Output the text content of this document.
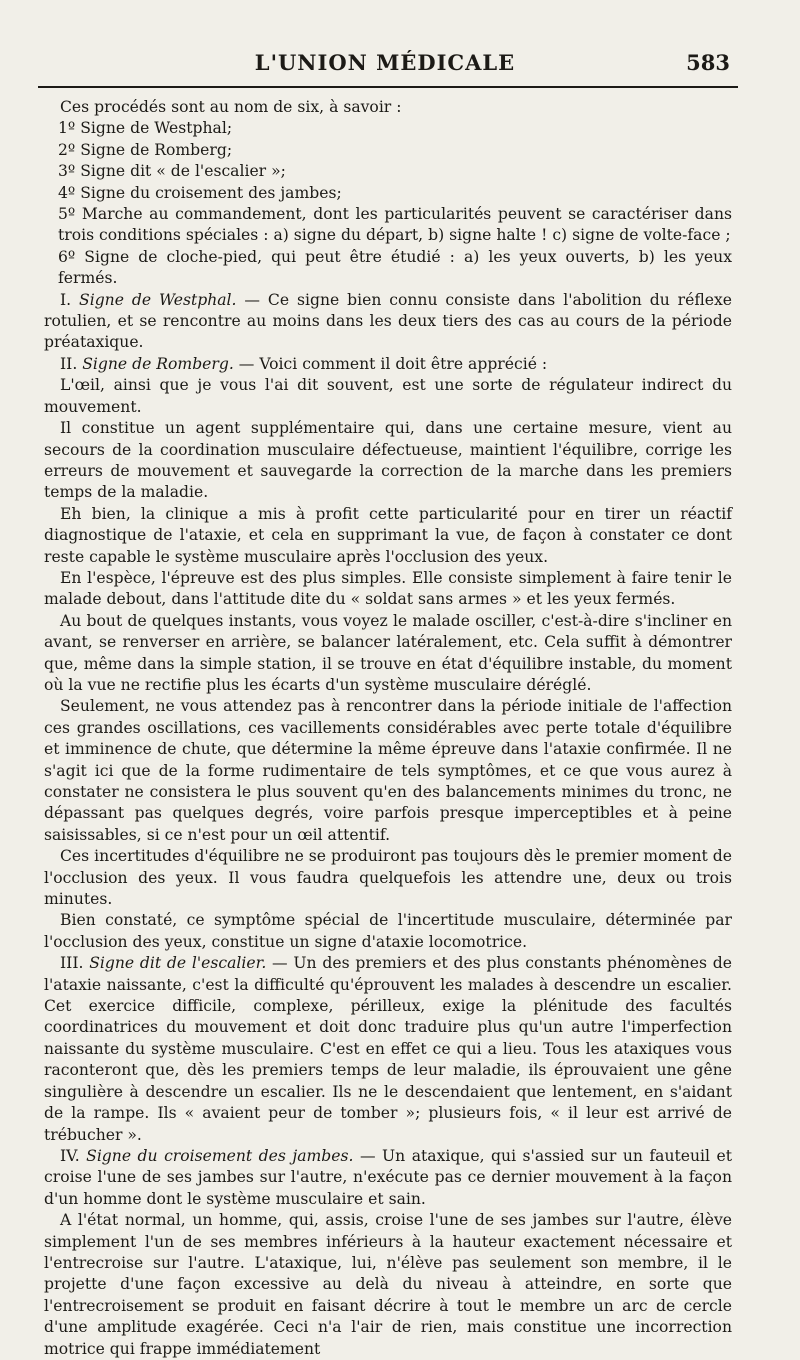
L'UNION MÉDICALE	583

Ces procédés sont au nom de six, à savoir :

1º Signe de Westphal;

2º Signe de Romberg;

3º Signe dit « de l'escalier »;

4º Signe du croisement des jambes;

5º Marche au commandement, dont les particularités peuvent se caractériser dans trois conditions spéciales : a) signe du départ, b) signe halte ! c) signe de volte-face ;

6º Signe de cloche-pied, qui peut être étudié : a) les yeux ouverts, b) les yeux fermés.

I. Signe de Westphal. — Ce signe bien connu consiste dans l'abolition du réflexe rotulien, et se rencontre au moins dans les deux tiers des cas au cours de la période préataxique.

II. Signe de Romberg. — Voici comment il doit être apprécié :

L'œil, ainsi que je vous l'ai dit souvent, est une sorte de régulateur indirect du mouvement.

Il constitue un agent supplémentaire qui, dans une certaine mesure, vient au secours de la coordination musculaire défectueuse, maintient l'équilibre, corrige les erreurs de mouvement et sauvegarde la correction de la marche dans les premiers temps de la maladie.

Eh bien, la clinique a mis à profit cette particularité pour en tirer un réactif diagnostique de l'ataxie, et cela en supprimant la vue, de façon à constater ce dont reste capable le système musculaire après l'occlusion des yeux.

En l'espèce, l'épreuve est des plus simples. Elle consiste simplement à faire tenir le malade debout, dans l'attitude dite du « soldat sans armes » et les yeux fermés.

Au bout de quelques instants, vous voyez le malade osciller, c'est-à-dire s'incliner en avant, se renverser en arrière, se balancer latéralement, etc. Cela suffit à démontrer que, même dans la simple station, il se trouve en état d'équilibre instable, du moment où la vue ne rectifie plus les écarts d'un système musculaire déréglé.

Seulement, ne vous attendez pas à rencontrer dans la période initiale de l'affection ces grandes oscillations, ces vacillements considérables avec perte totale d'équilibre et imminence de chute, que détermine la même épreuve dans l'ataxie confirmée. Il ne s'agit ici que de la forme rudimentaire de tels symptômes, et ce que vous aurez à constater ne consistera le plus souvent qu'en des balancements minimes du tronc, ne dépassant pas quelques degrés, voire parfois presque imperceptibles et à peine saisissables, si ce n'est pour un œil attentif.

Ces incertitudes d'équilibre ne se produiront pas toujours dès le premier moment de l'occlusion des yeux. Il vous faudra quelquefois les attendre une, deux ou trois minutes.

Bien constaté, ce symptôme spécial de l'incertitude musculaire, déterminée par l'occlusion des yeux, constitue un signe d'ataxie locomotrice.

III. Signe dit de l'escalier. — Un des premiers et des plus constants phénomènes de l'ataxie naissante, c'est la difficulté qu'éprouvent les malades à descendre un escalier. Cet exercice difficile, complexe, périlleux, exige la plénitude des facultés coordinatrices du mouvement et doit donc traduire plus qu'un autre l'imperfection naissante du système musculaire. C'est en effet ce qui a lieu. Tous les ataxiques vous raconteront que, dès les premiers temps de leur maladie, ils éprouvaient une gêne singulière à descendre un escalier. Ils ne le descendaient que lentement, en s'aidant de la rampe. Ils « avaient peur de tomber »; plusieurs fois, « il leur est arrivé de trébucher ».

IV. Signe du croisement des jambes. — Un ataxique, qui s'assied sur un fauteuil et croise l'une de ses jambes sur l'autre, n'exécute pas ce dernier mouvement à la façon d'un homme dont le système musculaire et sain.

A l'état normal, un homme, qui, assis, croise l'une de ses jambes sur l'autre, élève simplement l'un de ses membres inférieurs à la hauteur exactement nécessaire et l'entrecroise sur l'autre. L'ataxique, lui, n'élève pas seulement son membre, il le projette d'une façon excessive au delà du niveau à atteindre, en sorte que l'entrecroisement se produit en faisant décrire à tout le membre un arc de cercle d'une amplitude exagérée. Ceci n'a l'air de rien, mais constitue une incorrection motrice qui frappe immédiatement
